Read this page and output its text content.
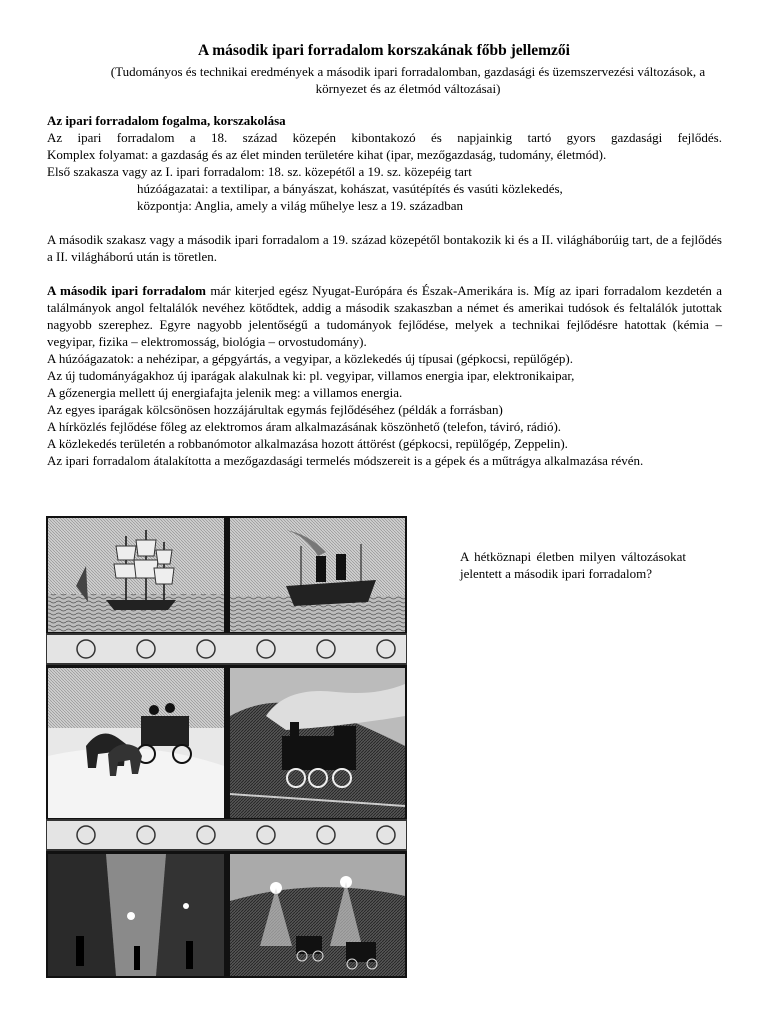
A második ipari forradalom korszakának főbb jellemzői
(Tudományos és technikai eredmények a második ipari forradalomban, gazdasági és üzemszervezési változások, a környezet és az életmód változásai)

Az ipari forradalom fogalma, korszakolása

Az ipari forradalom a 18. század közepén kibontakozó és napjainkig tartó gyors gazdasági fejlődés.

Komplex folyamat: a gazdaság és az élet minden területére kihat (ipar, mezőgazdaság, tudomány, életmód).

Első szakasza vagy az I. ipari forradalom: 18. sz. közepétől a 19. sz. közepéig tart

húzóágazatai: a textilipar, a bányászat, kohászat, vasútépítés és vasúti közlekedés,

központja: Anglia, amely a világ műhelye lesz a 19. században

A második szakasz vagy a második ipari forradalom a 19. század közepétől bontakozik ki és a II. világháborúig tart, de a fejlődés a II. világháború után is töretlen.

A második ipari forradalom már kiterjed egész Nyugat-Európára és Észak-Amerikára is. Míg az ipari forradalom kezdetén a találmányok angol feltalálók nevéhez kötődtek, addig a második szakaszban a német és amerikai tudósok és feltalálók jutottak nagyobb szerephez. Egyre nagyobb jelentőségű a tudományok fejlődése, melyek a technikai fejlődésre hatottak (kémia – vegyipar, fizika – elektromosság, biológia – orvostudomány).

A húzóágazatok: a nehézipar, a gépgyártás, a vegyipar, a közlekedés új típusai (gépkocsi, repülőgép).

Az új tudományágakhoz új iparágak alakulnak ki: pl. vegyipar, villamos energia ipar, elektronikaipar,

A gőzenergia mellett új energiafajta jelenik meg: a villamos energia.

Az egyes iparágak kölcsönösen hozzájárultak egymás fejlődéséhez (példák a forrásban)

A hírközlés fejlődése főleg az elektromos áram alkalmazásának köszönhető (telefon, táviró, rádió).

A közlekedés területén a robbanómotor alkalmazása hozott áttörést (gépkocsi, repülőgép, Zeppelin).

Az ipari forradalom átalakította a mezőgazdasági termelés módszereit is a gépek és a műtrágya alkalmazása révén.

A hétköznapi életben milyen változásokat jelentett a második ipari forradalom?
